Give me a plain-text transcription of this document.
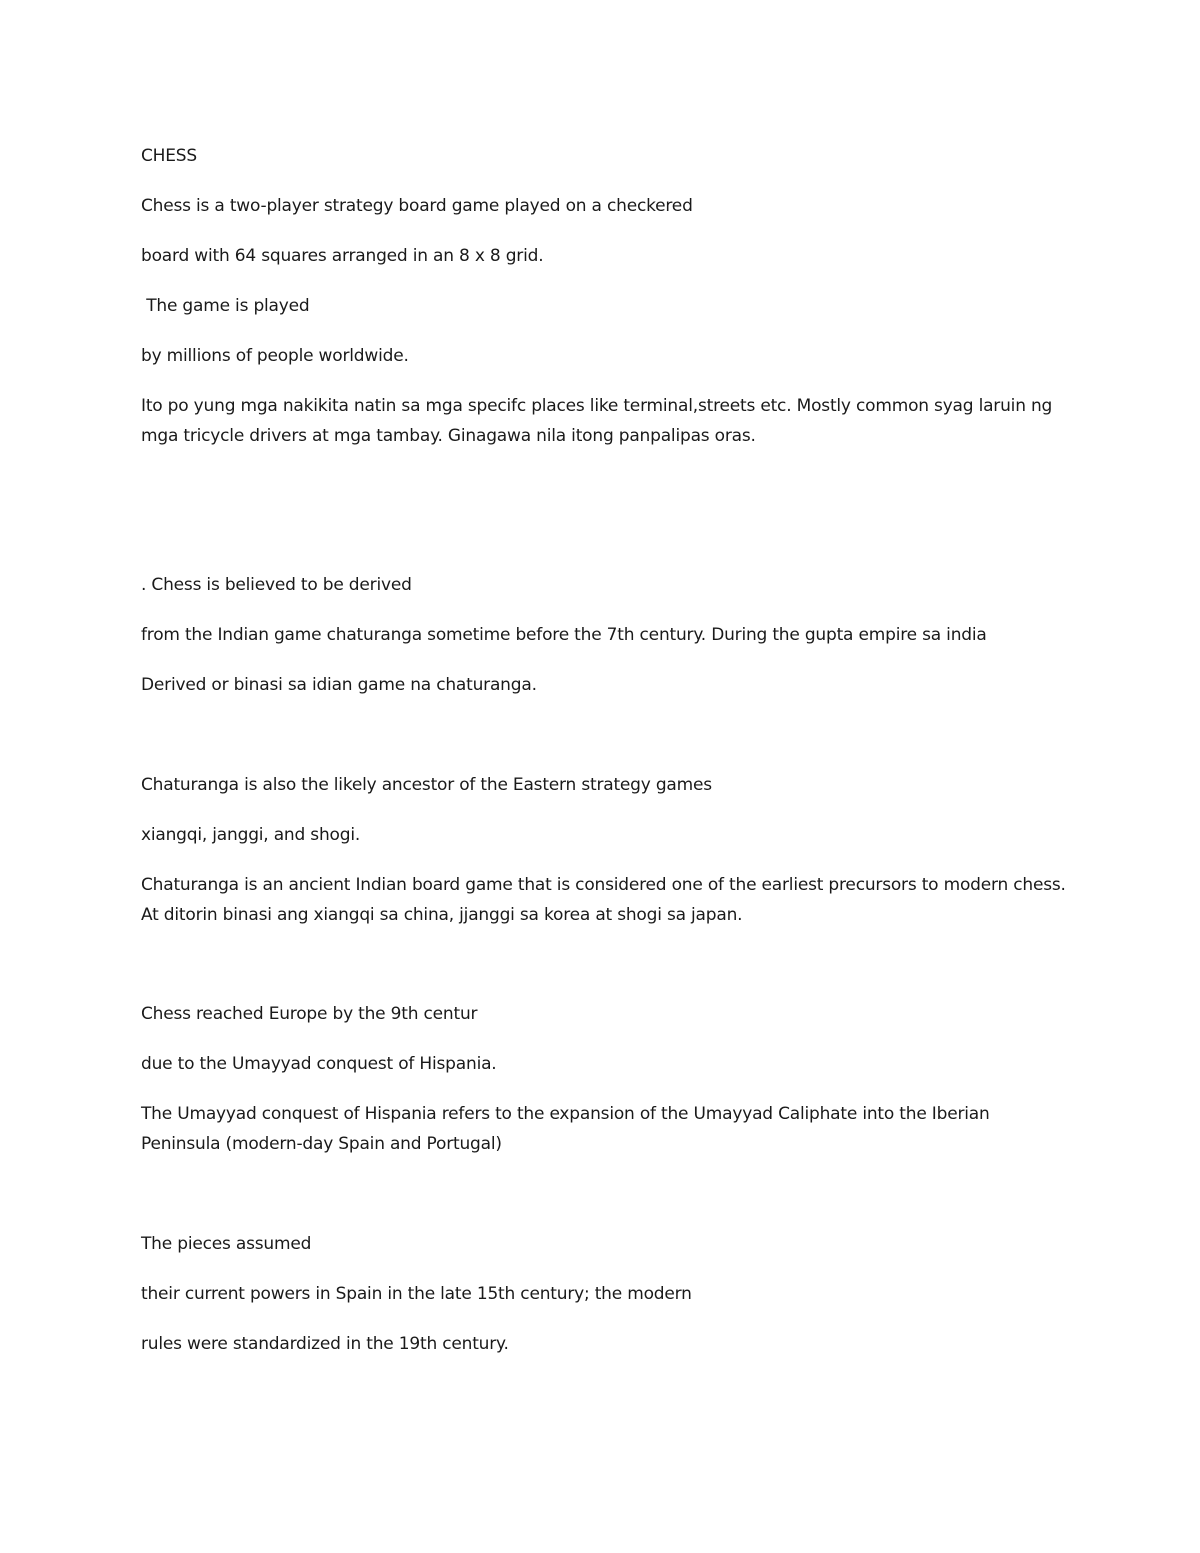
CHESS

Chess is a two-player strategy board game played on a checkered

board with 64 squares arranged in an 8 x 8 grid.

The game is played

by millions of people worldwide.

Ito po yung mga nakikita natin sa mga specifc places like terminal,streets etc. Mostly common syag laruin ng mga tricycle drivers at mga tambay. Ginagawa nila itong panpalipas oras.

. Chess is believed to be derived

from the Indian game chaturanga sometime before the 7th century. During the gupta empire sa india

Derived or binasi sa idian game na chaturanga.

Chaturanga is also the likely ancestor of the Eastern strategy games

xiangqi, janggi, and shogi.

Chaturanga is an ancient Indian board game that is considered one of the earliest precursors to modern chess. At ditorin binasi ang xiangqi sa china, jjanggi sa korea at shogi sa japan.

Chess reached Europe by the 9th centur

due to the Umayyad conquest of Hispania.

The Umayyad conquest of Hispania refers to the expansion of the Umayyad Caliphate into the Iberian Peninsula (modern-day Spain and Portugal)

The pieces assumed

their current powers in Spain in the late 15th century; the modern

rules were standardized in the 19th century.
